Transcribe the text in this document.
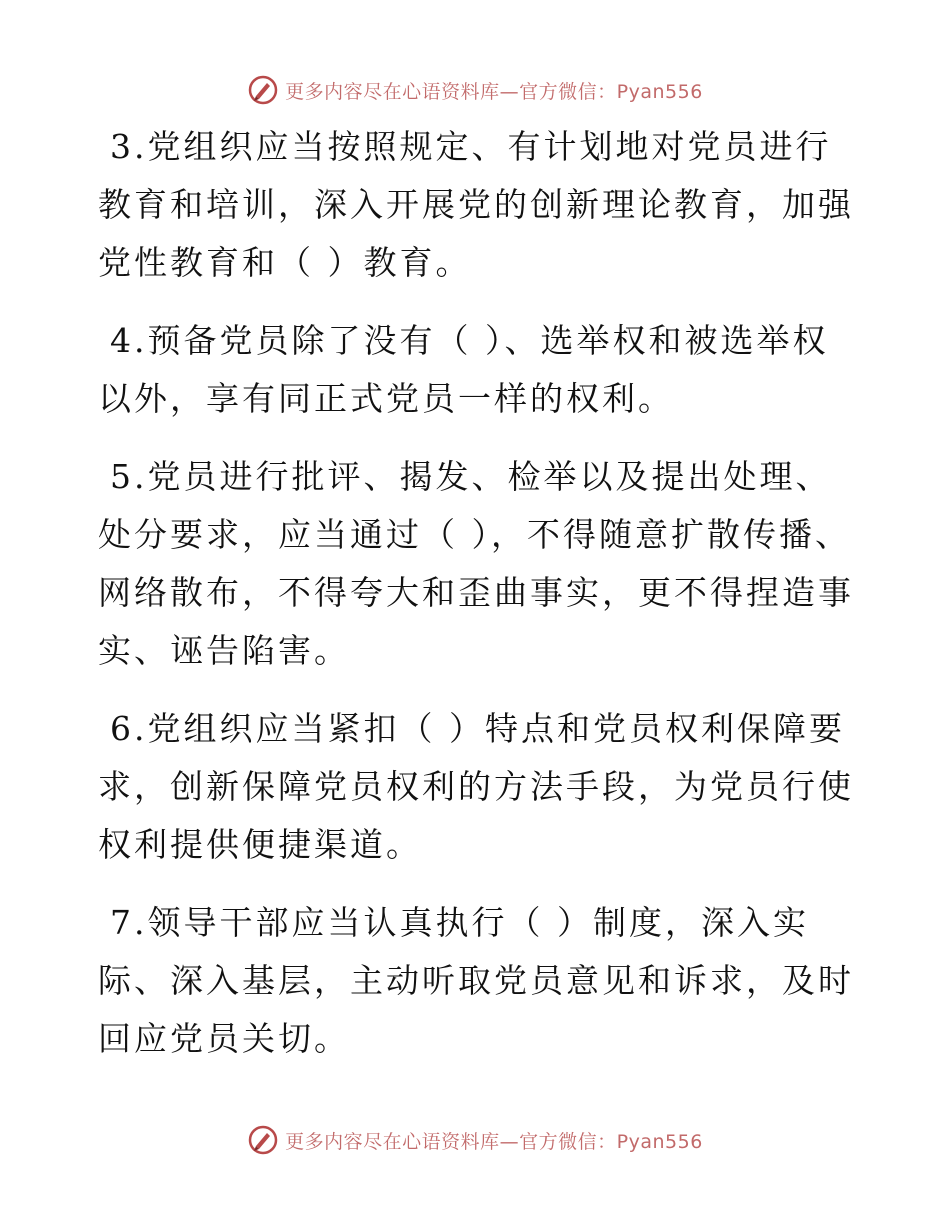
更多内容尽在心语资料库—官方微信：Pyan556

3.党组织应当按照规定、有计划地对党员进行教育和培训，深入开展党的创新理论教育，加强党性教育和（ ）教育。

4.预备党员除了没有（ ）、选举权和被选举权以外，享有同正式党员一样的权利。

5.党员进行批评、揭发、检举以及提出处理、处分要求，应当通过（ ），不得随意扩散传播、网络散布，不得夸大和歪曲事实，更不得捏造事实、诬告陷害。

6.党组织应当紧扣（ ）特点和党员权利保障要求，创新保障党员权利的方法手段，为党员行使权利提供便捷渠道。

7.领导干部应当认真执行（ ）制度，深入实际、深入基层，主动听取党员意见和诉求，及时回应党员关切。

更多内容尽在心语资料库—官方微信：Pyan556
